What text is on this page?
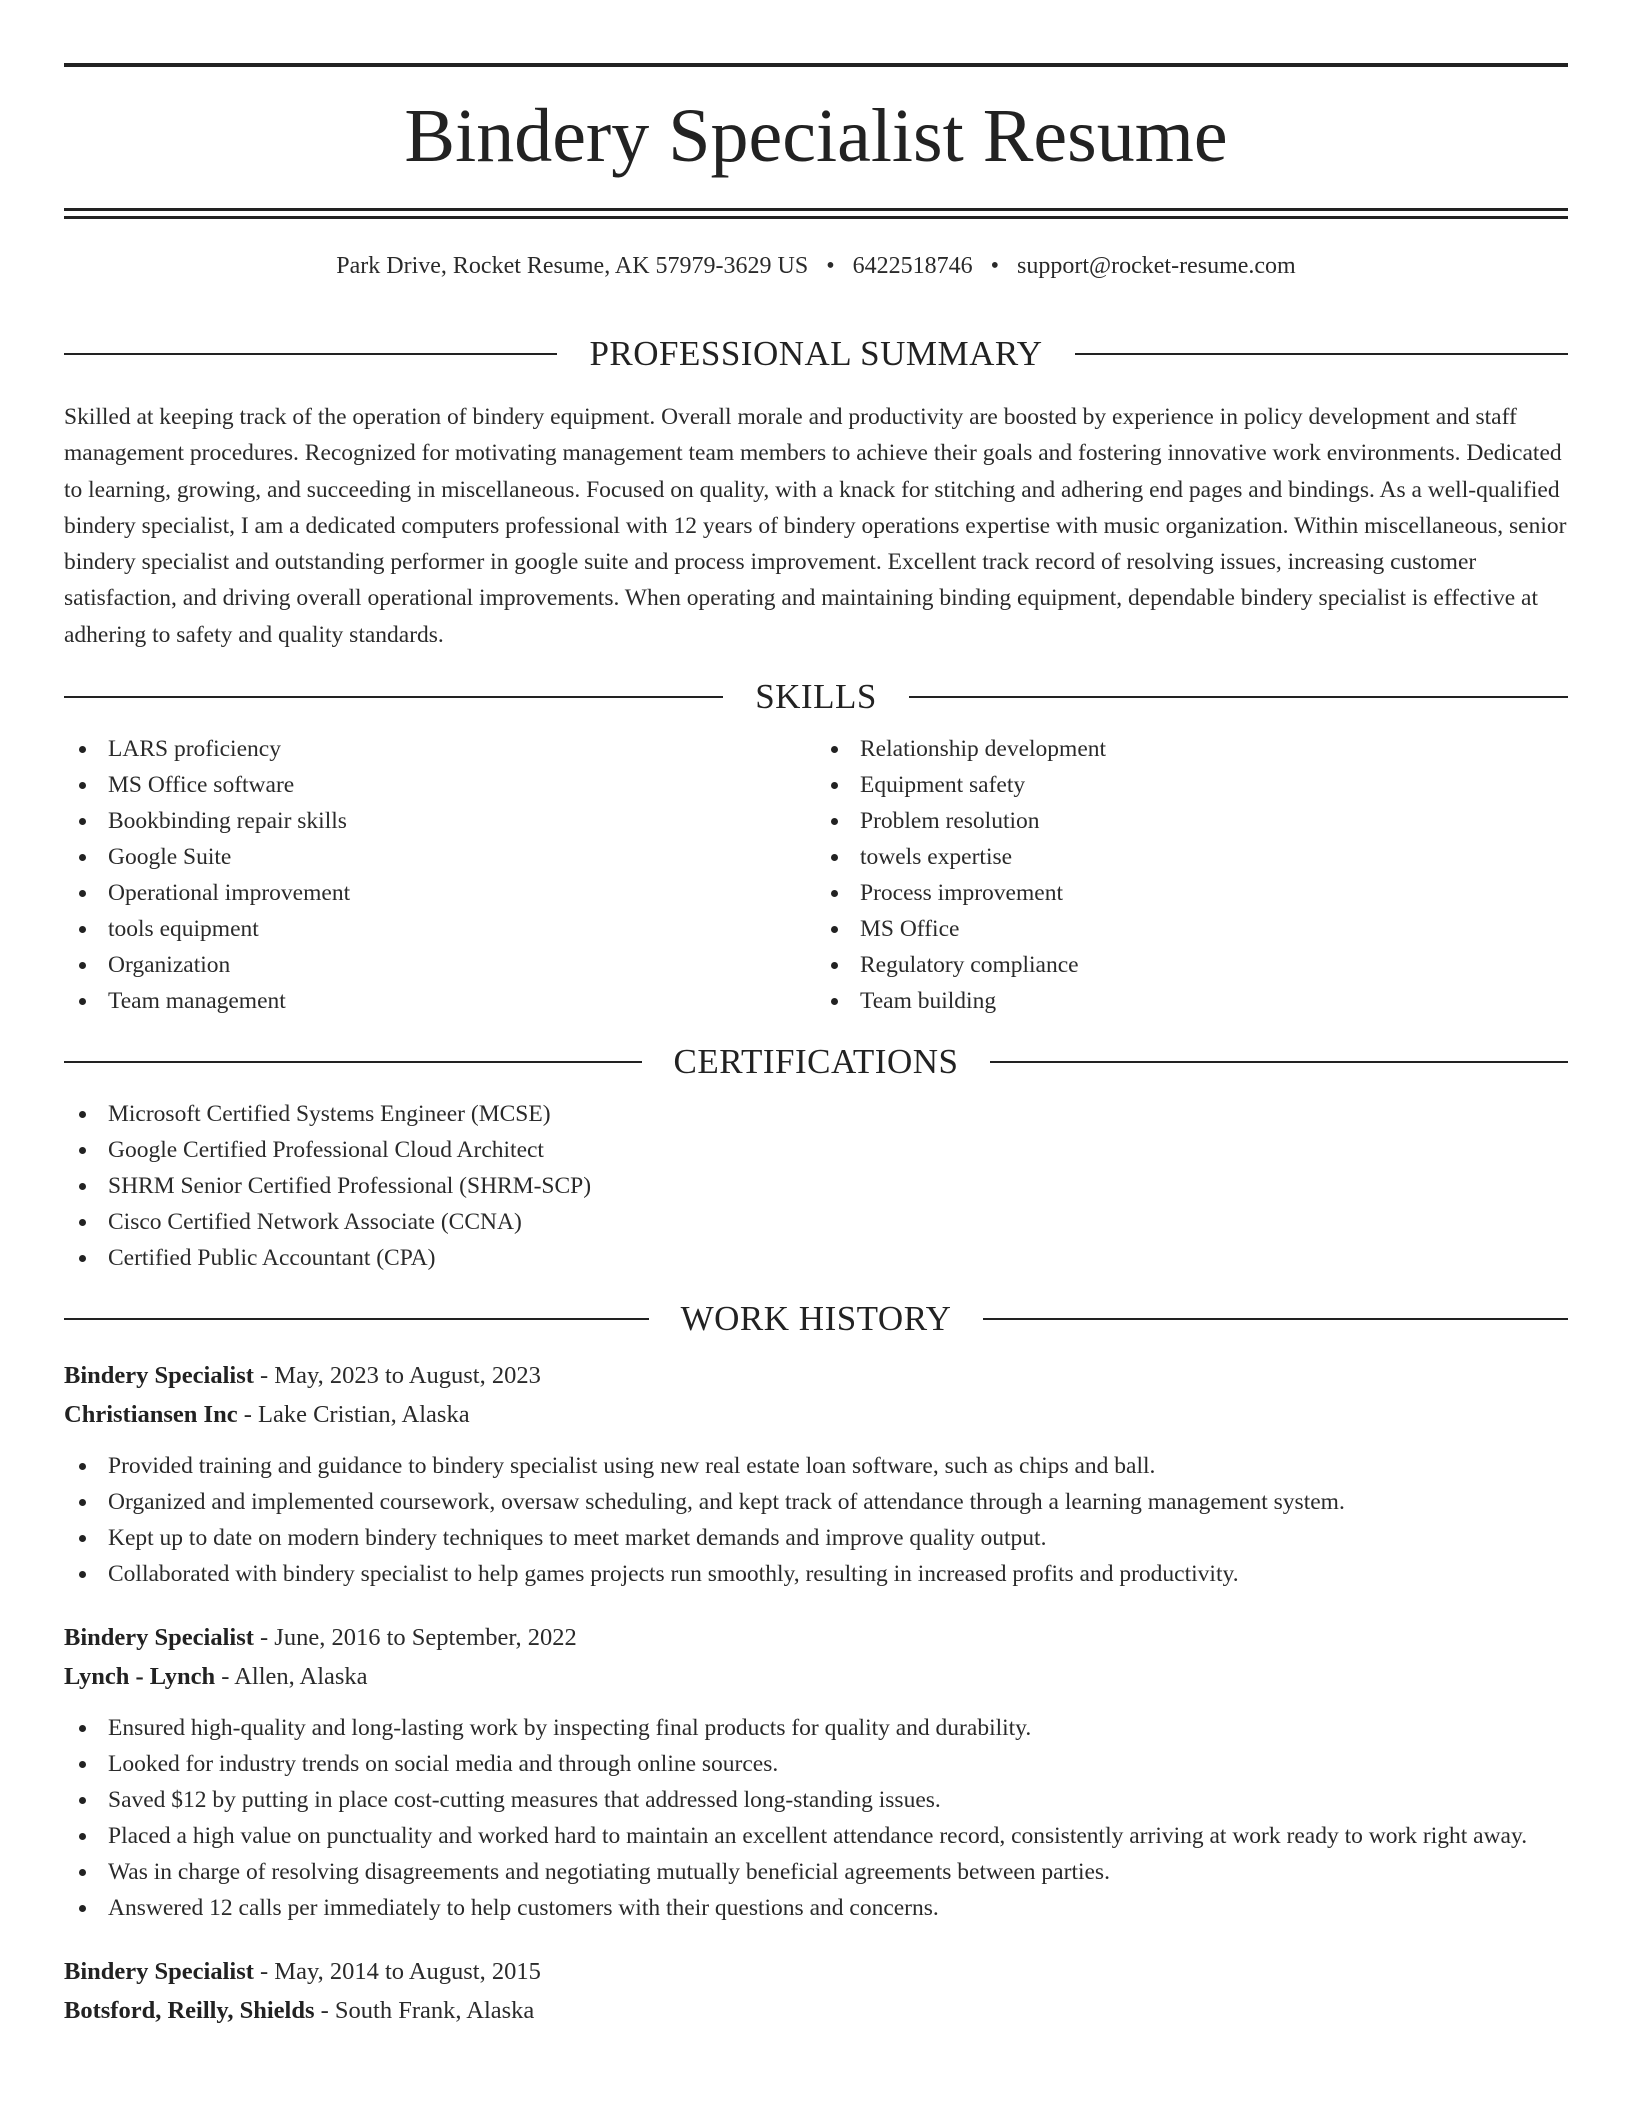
Bindery Specialist Resume
Park Drive, Rocket Resume, AK 57979-3629 US • 6422518746 • support@rocket-resume.com
PROFESSIONAL SUMMARY

Skilled at keeping track of the operation of bindery equipment. Overall morale and productivity are boosted by experience in policy development and staff management procedures. Recognized for motivating management team members to achieve their goals and fostering innovative work environments. Dedicated to learning, growing, and succeeding in miscellaneous. Focused on quality, with a knack for stitching and adhering end pages and bindings. As a well-qualified bindery specialist, I am a dedicated computers professional with 12 years of bindery operations expertise with music organization. Within miscellaneous, senior bindery specialist and outstanding performer in google suite and process improvement. Excellent track record of resolving issues, increasing customer satisfaction, and driving overall operational improvements. When operating and maintaining binding equipment, dependable bindery specialist is effective at adhering to safety and quality standards.

SKILLS
LARS proficiency
MS Office software
Bookbinding repair skills
Google Suite
Operational improvement
tools equipment
Organization
Team management
Relationship development
Equipment safety
Problem resolution
towels expertise
Process improvement
MS Office
Regulatory compliance
Team building
CERTIFICATIONS
Microsoft Certified Systems Engineer (MCSE)
Google Certified Professional Cloud Architect
SHRM Senior Certified Professional (SHRM-SCP)
Cisco Certified Network Associate (CCNA)
Certified Public Accountant (CPA)
WORK HISTORY
Bindery Specialist - May, 2023 to August, 2023
Christiansen Inc - Lake Cristian, Alaska
Provided training and guidance to bindery specialist using new real estate loan software, such as chips and ball.
Organized and implemented coursework, oversaw scheduling, and kept track of attendance through a learning management system.
Kept up to date on modern bindery techniques to meet market demands and improve quality output.
Collaborated with bindery specialist to help games projects run smoothly, resulting in increased profits and productivity.
Bindery Specialist - June, 2016 to September, 2022
Lynch - Lynch - Allen, Alaska
Ensured high-quality and long-lasting work by inspecting final products for quality and durability.
Looked for industry trends on social media and through online sources.
Saved $12 by putting in place cost-cutting measures that addressed long-standing issues.
Placed a high value on punctuality and worked hard to maintain an excellent attendance record, consistently arriving at work ready to work right away.
Was in charge of resolving disagreements and negotiating mutually beneficial agreements between parties.
Answered 12 calls per immediately to help customers with their questions and concerns.
Bindery Specialist - May, 2014 to August, 2015
Botsford, Reilly, Shields - South Frank, Alaska
